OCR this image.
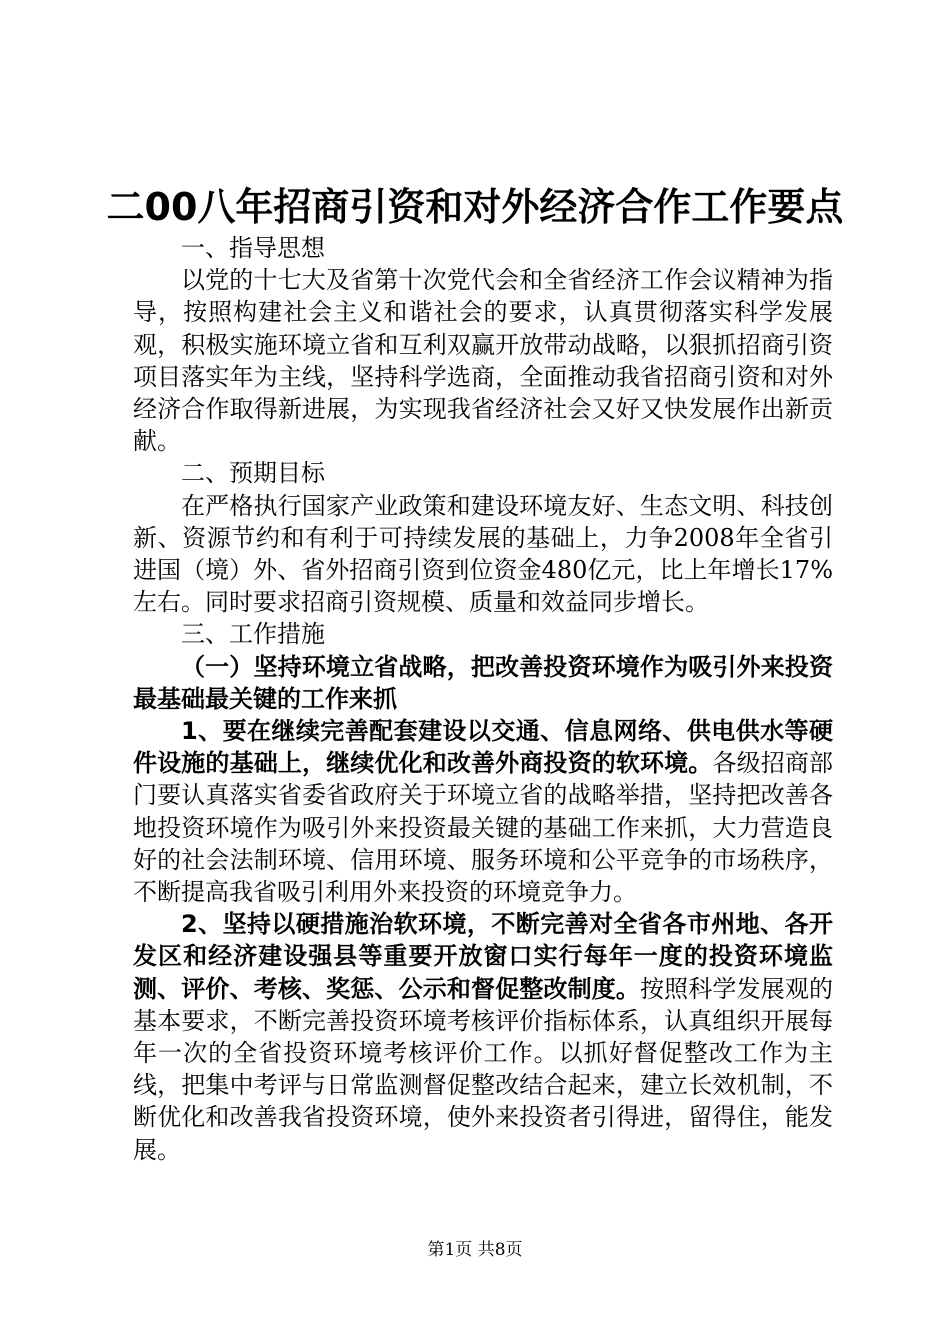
二00八年招商引资和对外经济合作工作要点

一、指导思想

以党的十七大及省第十次党代会和全省经济工作会议精神为指导，按照构建社会主义和谐社会的要求，认真贯彻落实科学发展观，积极实施环境立省和互利双赢开放带动战略，以狠抓招商引资项目落实年为主线，坚持科学选商，全面推动我省招商引资和对外经济合作取得新进展，为实现我省经济社会又好又快发展作出新贡献。

二、预期目标

在严格执行国家产业政策和建设环境友好、生态文明、科技创新、资源节约和有利于可持续发展的基础上，力争2008年全省引进国（境）外、省外招商引资到位资金480亿元，比上年增长17%左右。同时要求招商引资规模、质量和效益同步增长。

三、工作措施

（一）坚持环境立省战略，把改善投资环境作为吸引外来投资最基础最关键的工作来抓

1、要在继续完善配套建设以交通、信息网络、供电供水等硬件设施的基础上，继续优化和改善外商投资的软环境。各级招商部门要认真落实省委省政府关于环境立省的战略举措，坚持把改善各地投资环境作为吸引外来投资最关键的基础工作来抓，大力营造良好的社会法制环境、信用环境、服务环境和公平竞争的市场秩序，不断提高我省吸引利用外来投资的环境竞争力。

2、坚持以硬措施治软环境，不断完善对全省各市州地、各开发区和经济建设强县等重要开放窗口实行每年一度的投资环境监测、评价、考核、奖惩、公示和督促整改制度。按照科学发展观的基本要求，不断完善投资环境考核评价指标体系，认真组织开展每年一次的全省投资环境考核评价工作。以抓好督促整改工作为主线，把集中考评与日常监测督促整改结合起来，建立长效机制，不断优化和改善我省投资环境，使外来投资者引得进，留得住，能发展。

第1页 共8页
